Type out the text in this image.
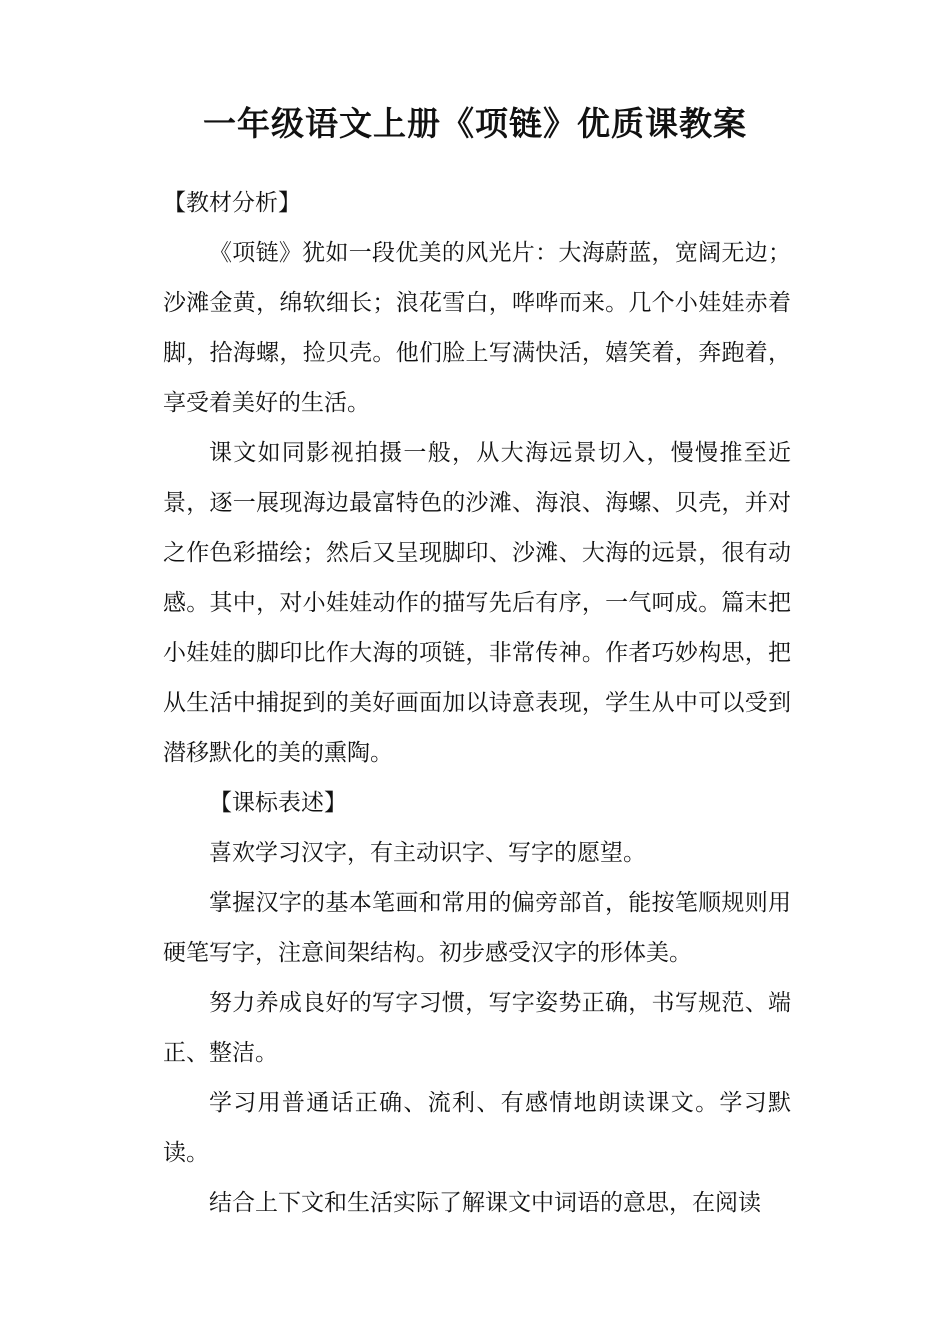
一年级语文上册《项链》优质课教案

【教材分析】

《项链》犹如一段优美的风光片：大海蔚蓝，宽阔无边；沙滩金黄，绵软细长；浪花雪白，哗哗而来。几个小娃娃赤着脚，拾海螺，捡贝壳。他们脸上写满快活，嬉笑着，奔跑着，享受着美好的生活。

课文如同影视拍摄一般，从大海远景切入，慢慢推至近景，逐一展现海边最富特色的沙滩、海浪、海螺、贝壳，并对之作色彩描绘；然后又呈现脚印、沙滩、大海的远景，很有动感。其中，对小娃娃动作的描写先后有序，一气呵成。篇末把小娃娃的脚印比作大海的项链，非常传神。作者巧妙构思，把从生活中捕捉到的美好画面加以诗意表现，学生从中可以受到潜移默化的美的熏陶。

【课标表述】

喜欢学习汉字，有主动识字、写字的愿望。

掌握汉字的基本笔画和常用的偏旁部首，能按笔顺规则用硬笔写字，注意间架结构。初步感受汉字的形体美。

努力养成良好的写字习惯，写字姿势正确，书写规范、端正、整洁。

学习用普通话正确、流利、有感情地朗读课文。学习默读。

结合上下文和生活实际了解课文中词语的意思，在阅读
